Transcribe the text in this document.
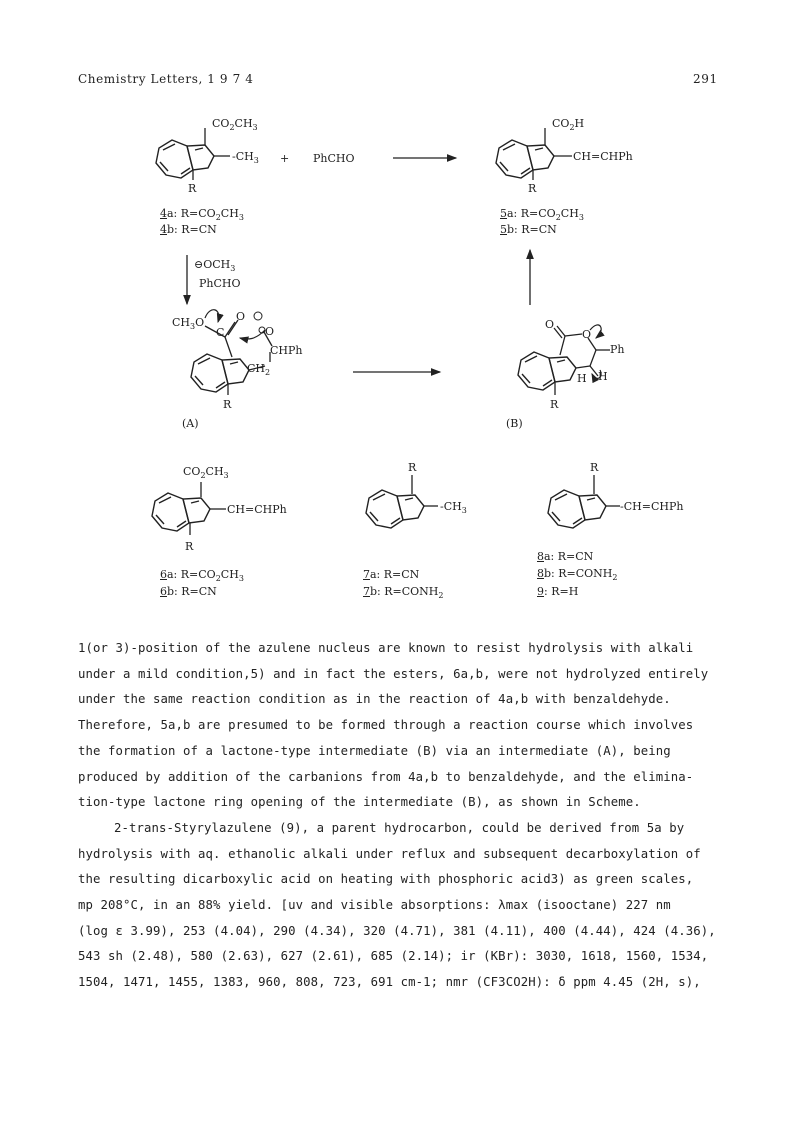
Chemistry Letters, 1 9 7 4	291
$CO_2CH_3$
$-CH_3$
R
+ PhCHO
4a: $R=CO_2CH_3$
4b: R=CN
$CO_2H$
CH=CHPh
R
5a: $R=CO_2CH_3$
5b: R=CN
$⊖OCH_3$
PhCHO
$CH_3O$
C
O
O
CHPh
$CH_2$
R
(A)
O
O
Ph
H H
R
(B)
$CO_2CH_3$
CH=CHPh
R
6a: $R=CO_2CH_3$
6b: R=CN
R
$-CH_3$
7a: R=CN
7b: $R=CONH_2$
R
-CH=CHPh
8a: R=CN
8b: $R=CONH_2$
9: R=H
1(or 3)-position of the azulene nucleus are known to resist hydrolysis with alkali
under a mild condition,5) and in fact the esters, 6a,b, were not hydrolyzed entirely
under the same reaction condition as in the reaction of 4a,b with benzaldehyde.
Therefore, 5a,b are presumed to be formed through a reaction course which involves
the formation of a lactone-type intermediate (B) via an intermediate (A), being
produced by addition of the carbanions from 4a,b to benzaldehyde, and the elimina-
tion-type lactone ring opening of the intermediate (B), as shown in Scheme.
2-trans-Styrylazulene (9), a parent hydrocarbon, could be derived from 5a by
hydrolysis with aq. ethanolic alkali under reflux and subsequent decarboxylation of
the resulting dicarboxylic acid on heating with phosphoric acid3) as green scales,
mp 208°C, in an 88% yield. [uv and visible absorptions: λmax (isooctane) 227 nm
(log ε 3.99), 253 (4.04), 290 (4.34), 320 (4.71), 381 (4.11), 400 (4.44), 424 (4.36),
543 sh (2.48), 580 (2.63), 627 (2.61), 685 (2.14); ir (KBr): 3030, 1618, 1560, 1534,
1504, 1471, 1455, 1383, 960, 808, 723, 691 cm-1; nmr (CF3CO2H): δ ppm 4.45 (2H, s),
